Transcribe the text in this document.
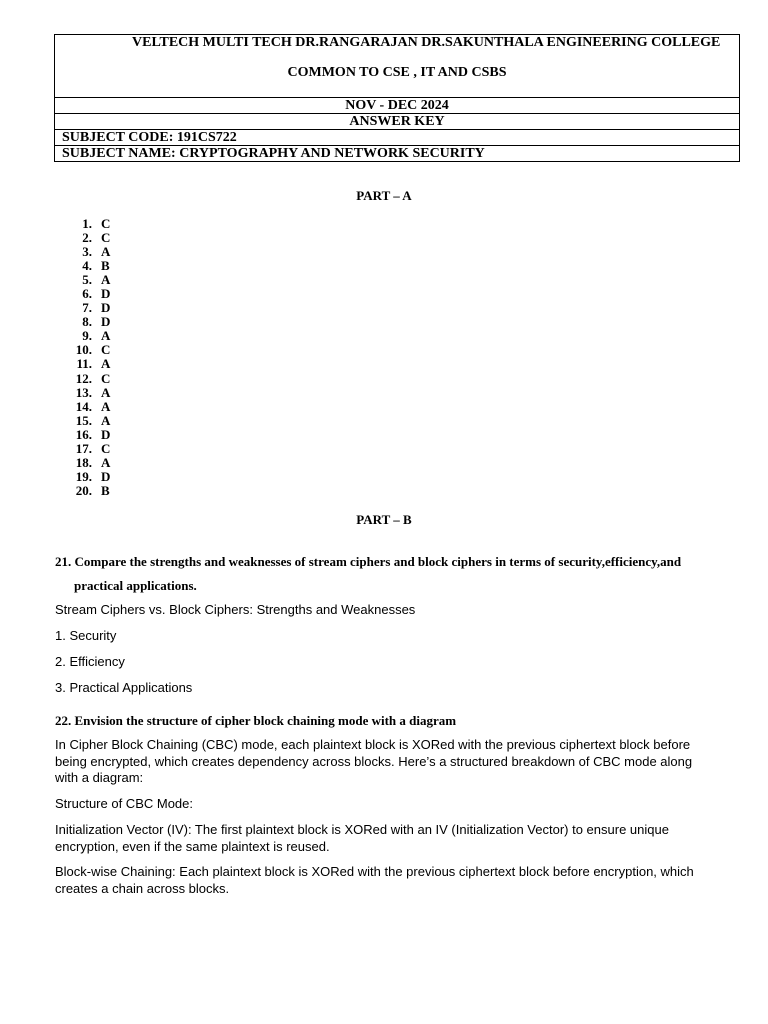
VELTECH MULTI TECH DR.RANGARAJAN DR.SAKUNTHALA ENGINEERING COLLEGE
COMMON TO CSE , IT AND CSBS

NOV - DEC 2024
ANSWER KEY
SUBJECT CODE: 191CS722
SUBJECT NAME: CRYPTOGRAPHY AND NETWORK SECURITY
PART – A
1. C
2. C
3. A
4. B
5. A
6. D
7. D
8. D
9. A
10. C
11. A
12. C
13. A
14. A
15. A
16. D
17. C
18. A
19. D
20. B
PART – B
21. Compare the strengths and weaknesses of stream ciphers and block ciphers in terms of security,efficiency,and
practical applications.
Stream Ciphers vs. Block Ciphers: Strengths and Weaknesses
1. Security
2. Efficiency
3. Practical Applications
22. Envision the structure of cipher block chaining mode with a diagram
In Cipher Block Chaining (CBC) mode, each plaintext block is XORed with the previous ciphertext block before being encrypted, which creates dependency across blocks. Here’s a structured breakdown of CBC mode along with a diagram:
Structure of CBC Mode:
Initialization Vector (IV): The first plaintext block is XORed with an IV (Initialization Vector) to ensure unique encryption, even if the same plaintext is reused.
Block-wise Chaining: Each plaintext block is XORed with the previous ciphertext block before encryption, which creates a chain across blocks.
